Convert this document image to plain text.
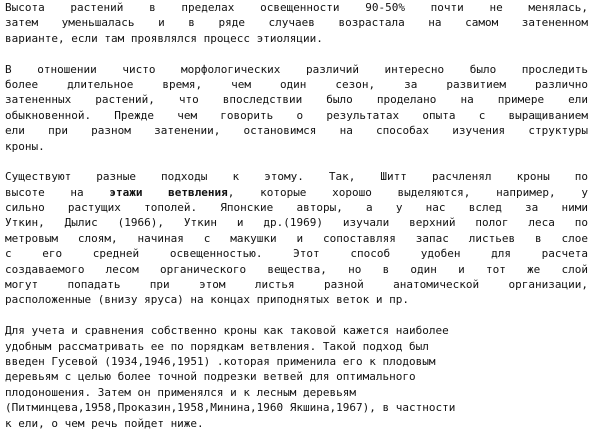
Высота растений в пределах освещенности 90-50% почти не менялась,
затем уменьшалась и в ряде случаев возрастала на самом затененном
варианте, если там проявлялся процесс этиоляции.
В отношении чисто морфологических различий интересно было проследить
более длительное время, чем один сезон, за развитием различно
затененных растений, что впоследствии было проделано на примере ели
обыкновенной. Прежде чем говорить о результатах опыта с выращиванием
ели при разном затенении, остановимся на способах изучения структуры
кроны.
Существуют разные подходы к этому. Так, Шитт расчленял кроны по
высоте на этажи ветвления, которые хорошо выделяются, например, у
сильно растущих тополей. Японские авторы, а у нас вслед за ними
Уткин, Дылис (1966), Уткин и др.(1969) изучали верхний полог леса по
метровым слоям, начиная с макушки и сопоставляя запас листьев в слое
с его средней освещенностью. Этот способ удобен для расчета
создаваемого лесом органического вещества, но в один и тот же слой
могут попадать при этом листья разной анатомической организации,
расположенные (внизу яруса) на концах приподнятых веток и пр.
Для учета и сравнения собственно кроны как таковой кажется наиболее
удобным рассматривать ее по порядкам ветвления. Такой подход был
введен Гусевой (1934,1946,1951) .которая применила его к плодовым
деревьям с целью более точной подрезки ветвей для оптимального
плодоношения. Затем он применялся и к лесным деревьям
(Питминцева,1958,Проказин,1958,Минина,1960 Якшина,1967), в частности
к ели, о чем речь пойдет ниже.
